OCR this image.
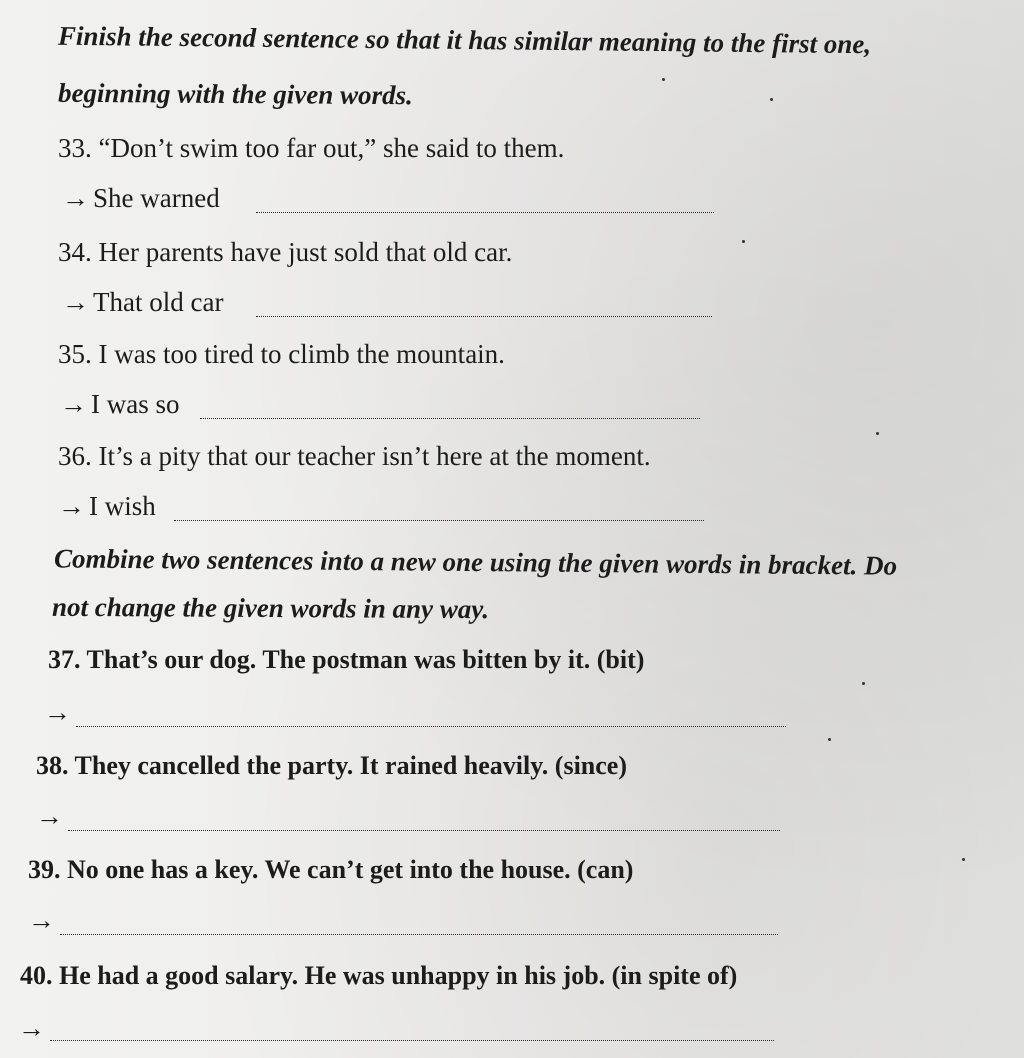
Finish the second sentence so that it has similar meaning to the first one,
beginning with the given words.
33. “Don’t swim too far out,” she said to them.
→ She warned
34. Her parents have just sold that old car.
→ That old car
35. I was too tired to climb the mountain.
→ I was so
36. It’s a pity that our teacher isn’t here at the moment.
→ I wish
Combine two sentences into a new one using the given words in bracket. Do
not change the given words in any way.
37. That’s our dog. The postman was bitten by it. (bit)
→
38. They cancelled the party. It rained heavily. (since)
→
39. No one has a key. We can’t get into the house. (can)
→
40. He had a good salary. He was unhappy in his job. (in spite of)
→
